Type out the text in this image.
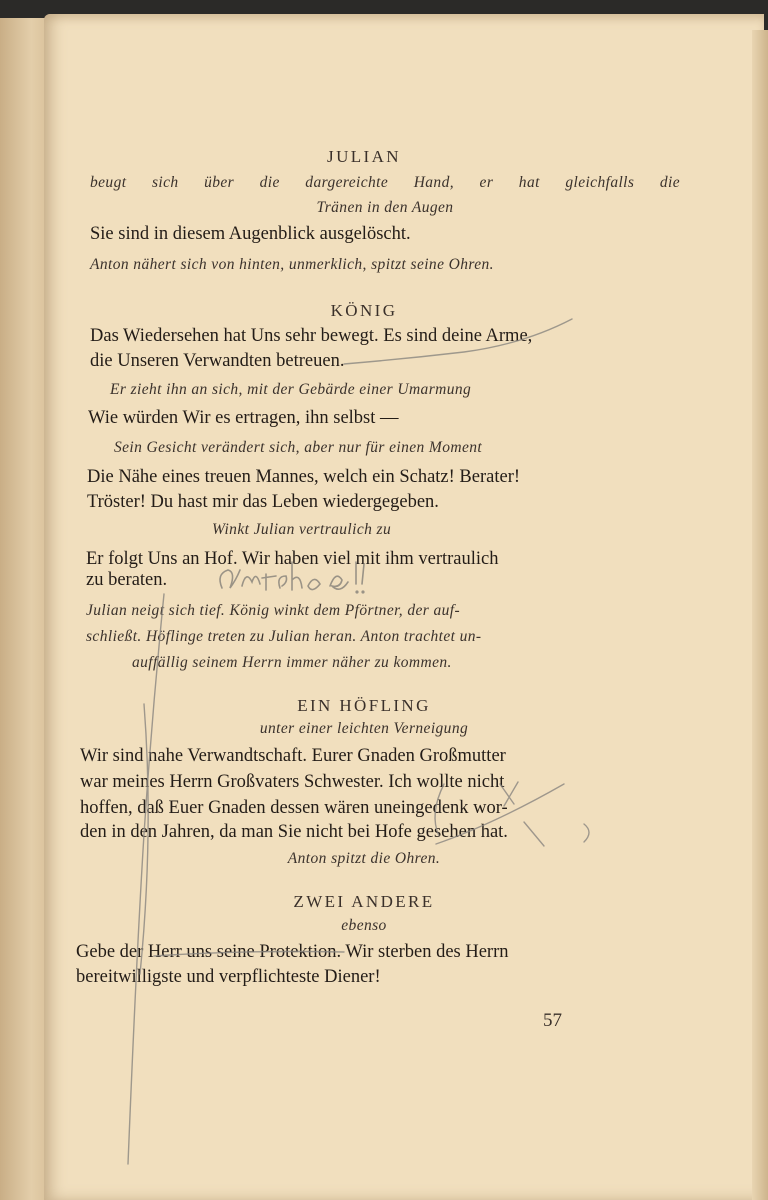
JULIAN
beugt sich über die dargereichte Hand, er hat gleichfalls die
Tränen in den Augen
Sie sind in diesem Augenblick ausgelöscht.
Anton nähert sich von hinten, unmerklich, spitzt seine Ohren.
KÖNIG
Das Wiedersehen hat Uns sehr bewegt. Es sind deine Arme,
die Unseren Verwandten betreuen.
Er zieht ihn an sich, mit der Gebärde einer Umarmung
Wie würden Wir es ertragen, ihn selbst —
Sein Gesicht verändert sich, aber nur für einen Moment
Die Nähe eines treuen Mannes, welch ein Schatz! Berater!
Tröster! Du hast mir das Leben wiedergegeben.
Winkt Julian vertraulich zu
Er folgt Uns an Hof. Wir haben viel mit ihm vertraulich
zu beraten.
Julian neigt sich tief. König winkt dem Pförtner, der auf-
schließt. Höflinge treten zu Julian heran. Anton trachtet un-
auffällig seinem Herrn immer näher zu kommen.
EIN HÖFLING
unter einer leichten Verneigung
Wir sind nahe Verwandtschaft. Eurer Gnaden Großmutter
war meines Herrn Großvaters Schwester. Ich wollte nicht
hoffen, daß Euer Gnaden dessen wären uneingedenk wor-
den in den Jahren, da man Sie nicht bei Hofe gesehen hat.
Anton spitzt die Ohren.
ZWEI ANDERE
ebenso
Gebe der Herr uns seine Protektion. Wir sterben des Herrn
bereitwilligste und verpflichteste Diener!
57
